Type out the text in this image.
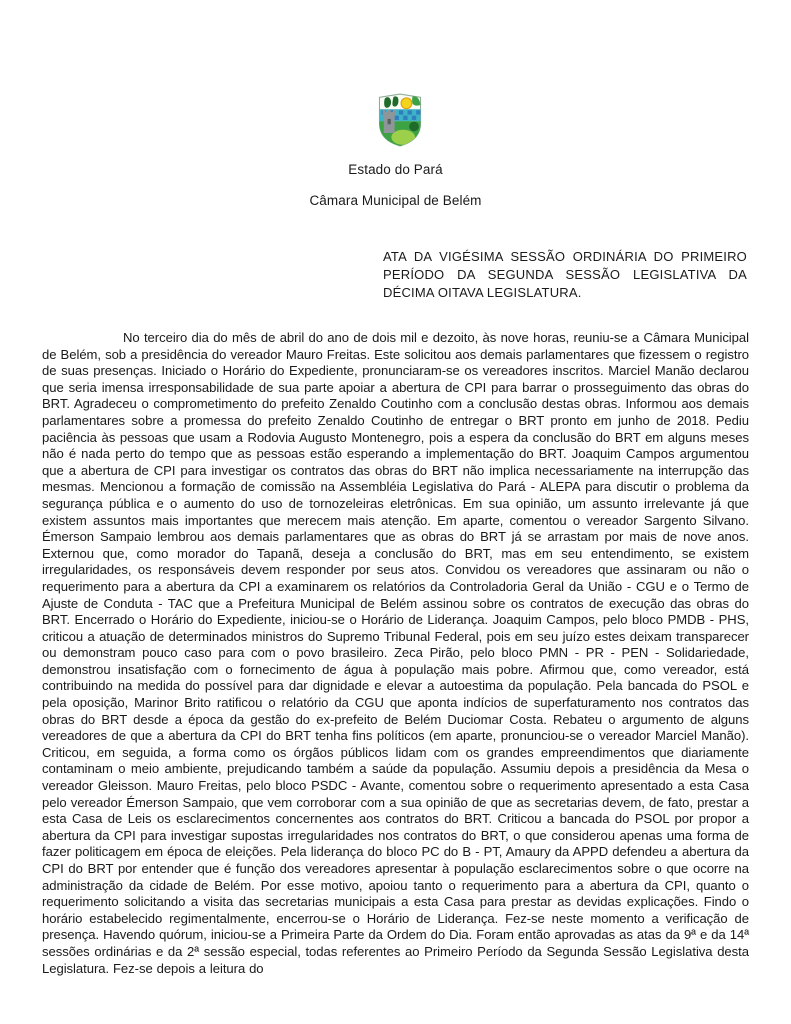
Estado do Pará
Câmara Municipal de Belém
ATA DA VIGÉSIMA SESSÃO ORDINÁRIA DO PRIMEIRO PERÍODO DA SEGUNDA SESSÃO LEGISLATIVA DA DÉCIMA OITAVA LEGISLATURA.

No terceiro dia do mês de abril do ano de dois mil e dezoito, às nove horas, reuniu-se a Câmara Municipal de Belém, sob a presidência do vereador Mauro Freitas. Este solicitou aos demais parlamentares que fizessem o registro de suas presenças. Iniciado o Horário do Expediente, pronunciaram-se os vereadores inscritos. Marciel Manão declarou que seria imensa irresponsabilidade de sua parte apoiar a abertura de CPI para barrar o prosseguimento das obras do BRT. Agradeceu o comprometimento do prefeito Zenaldo Coutinho com a conclusão destas obras. Informou aos demais parlamentares sobre a promessa do prefeito Zenaldo Coutinho de entregar o BRT pronto em junho de 2018. Pediu paciência às pessoas que usam a Rodovia Augusto Montenegro, pois a espera da conclusão do BRT em alguns meses não é nada perto do tempo que as pessoas estão esperando a implementação do BRT. Joaquim Campos argumentou que a abertura de CPI para investigar os contratos das obras do BRT não implica necessariamente na interrupção das mesmas. Mencionou a formação de comissão na Assembléia Legislativa do Pará - ALEPA para discutir o problema da segurança pública e o aumento do uso de tornozeleiras eletrônicas. Em sua opinião, um assunto irrelevante já que existem assuntos mais importantes que merecem mais atenção. Em aparte, comentou o vereador Sargento Silvano. Émerson Sampaio lembrou aos demais parlamentares que as obras do BRT já se arrastam por mais de nove anos. Externou que, como morador do Tapanã, deseja a conclusão do BRT, mas em seu entendimento, se existem irregularidades, os responsáveis devem responder por seus atos. Convidou os vereadores que assinaram ou não o requerimento para a abertura da CPI a examinarem os relatórios da Controladoria Geral da União - CGU e o Termo de Ajuste de Conduta - TAC que a Prefeitura Municipal de Belém assinou sobre os contratos de execução das obras do BRT. Encerrado o Horário do Expediente, iniciou-se o Horário de Liderança. Joaquim Campos, pelo bloco PMDB - PHS, criticou a atuação de determinados ministros do Supremo Tribunal Federal, pois em seu juízo estes deixam transparecer ou demonstram pouco caso para com o povo brasileiro. Zeca Pirão, pelo bloco PMN - PR - PEN - Solidariedade, demonstrou insatisfação com o fornecimento de água à população mais pobre. Afirmou que, como vereador, está contribuindo na medida do possível para dar dignidade e elevar a autoestima da população. Pela bancada do PSOL e pela oposição, Marinor Brito ratificou o relatório da CGU que aponta indícios de superfaturamento nos contratos das obras do BRT desde a época da gestão do ex-prefeito de Belém Duciomar Costa. Rebateu o argumento de alguns vereadores de que a abertura da CPI do BRT tenha fins políticos (em aparte, pronunciou-se o vereador Marciel Manão). Criticou, em seguida, a forma como os órgãos públicos lidam com os grandes empreendimentos que diariamente contaminam o meio ambiente, prejudicando também a saúde da população. Assumiu depois a presidência da Mesa o vereador Gleisson. Mauro Freitas, pelo bloco PSDC - Avante, comentou sobre o requerimento apresentado a esta Casa pelo vereador Émerson Sampaio, que vem corroborar com a sua opinião de que as secretarias devem, de fato, prestar a esta Casa de Leis os esclarecimentos concernentes aos contratos do BRT. Criticou a bancada do PSOL por propor a abertura da CPI para investigar supostas irregularidades nos contratos do BRT, o que considerou apenas uma forma de fazer politicagem em época de eleições. Pela liderança do bloco PC do B - PT, Amaury da APPD defendeu a abertura da CPI do BRT por entender que é função dos vereadores apresentar à população esclarecimentos sobre o que ocorre na administração da cidade de Belém. Por esse motivo, apoiou tanto o requerimento para a abertura da CPI, quanto o requerimento solicitando a visita das secretarias municipais a esta Casa para prestar as devidas explicações. Findo o horário estabelecido regimentalmente, encerrou-se o Horário de Liderança. Fez-se neste momento a verificação de presença. Havendo quórum, iniciou-se a Primeira Parte da Ordem do Dia. Foram então aprovadas as atas da 9ª e da 14ª sessões ordinárias e da 2ª sessão especial, todas referentes ao Primeiro Período da Segunda Sessão Legislativa desta Legislatura. Fez-se depois a leitura do
